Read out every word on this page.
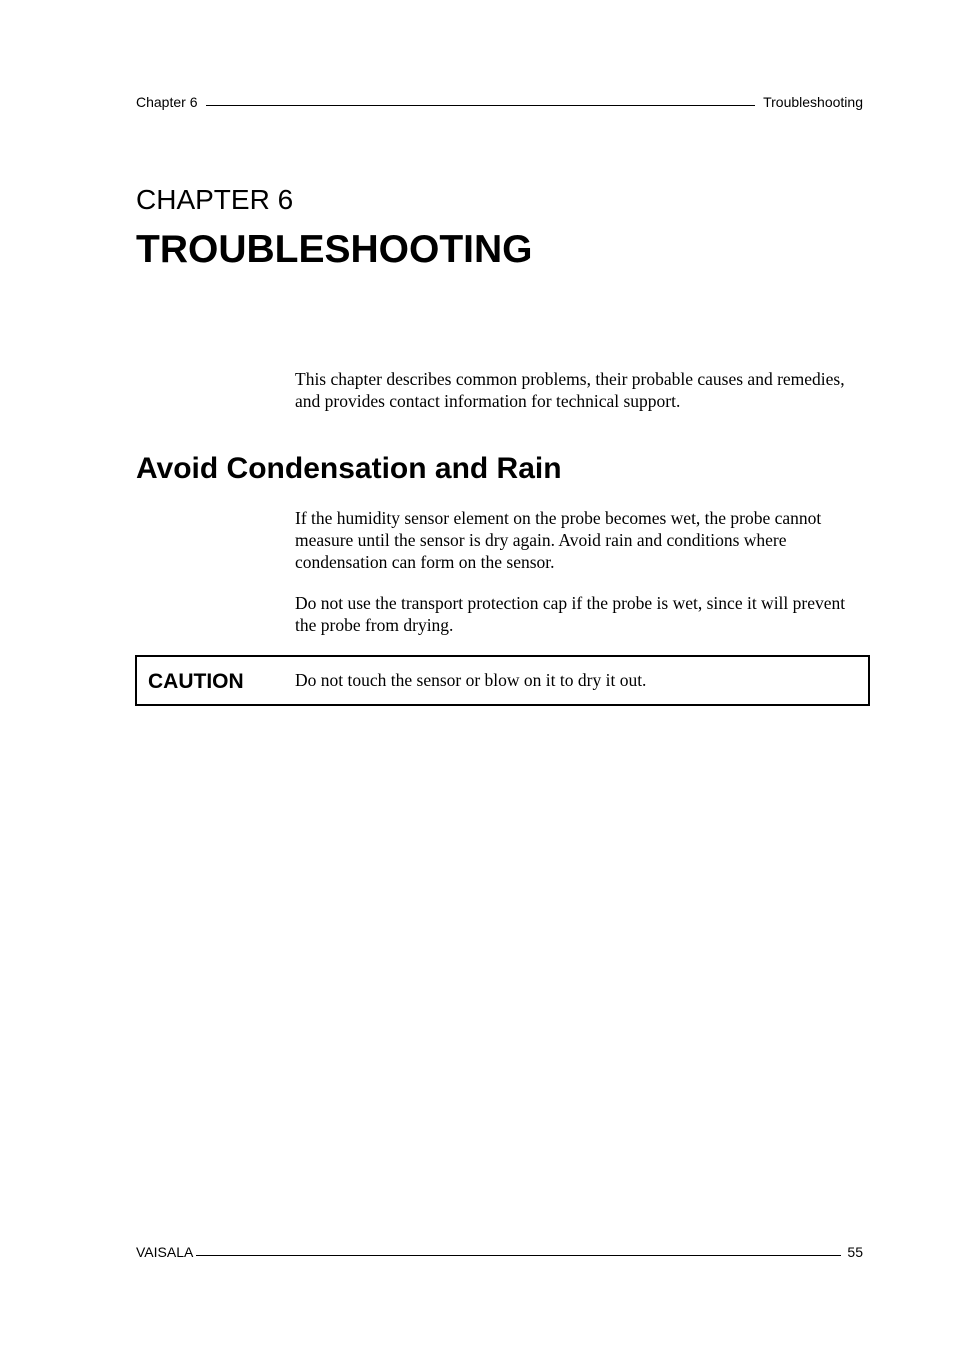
Chapter 6	Troubleshooting
CHAPTER 6
TROUBLESHOOTING

This chapter describes common problems, their probable causes and remedies, and provides contact information for technical support.

Avoid Condensation and Rain

If the humidity sensor element on the probe becomes wet, the probe cannot measure until the sensor is dry again. Avoid rain and conditions where condensation can form on the sensor.

Do not use the transport protection cap if the probe is wet, since it will prevent the probe from drying.

CAUTION	Do not touch the sensor or blow on it to dry it out.
VAISALA	55
